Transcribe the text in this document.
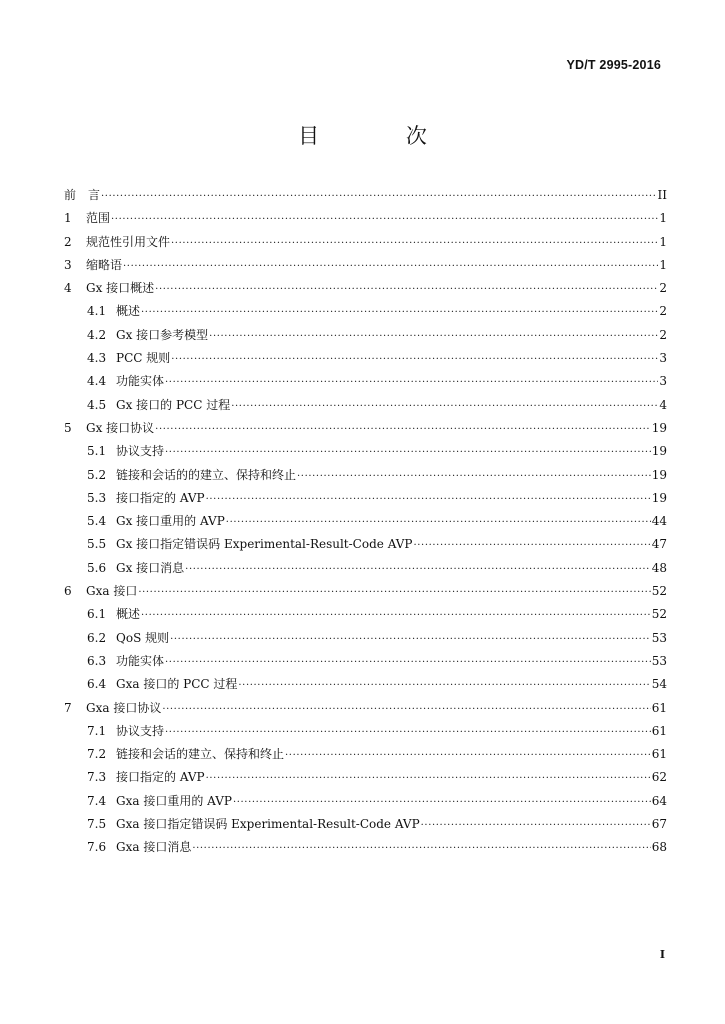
YD/T 2995-2016
目 次
前　言 ·····	II
1	范围 ·····	1
2	规范性引用文件 ·····	1
3	缩略语 ·····	1
4	Gx 接口概述 ·····	2
4.1 概述 ·····	2
4.2 Gx 接口参考模型 ·····	2
4.3 PCC 规则 ·····	3
4.4 功能实体 ·····	3
4.5 Gx 接口的 PCC 过程 ·····	4
5	Gx 接口协议 ·····	19
5.1 协议支持 ·····	19
5.2 链接和会话的的建立、保持和终止 ·····	19
5.3 接口指定的 AVP ·····	19
5.4 Gx 接口重用的 AVP ·····	44
5.5 Gx 接口指定错误码 Experimental-Result-Code AVP ·····	47
5.6 Gx 接口消息 ·····	48
6	Gxa 接口 ·····	52
6.1 概述 ·····	52
6.2 QoS 规则 ·····	53
6.3 功能实体 ·····	53
6.4 Gxa 接口的 PCC 过程 ·····	54
7	Gxa 接口协议 ·····	61
7.1 协议支持 ·····	61
7.2 链接和会话的建立、保持和终止 ·····	61
7.3 接口指定的 AVP ·····	62
7.4 Gxa 接口重用的 AVP ·····	64
7.5 Gxa 接口指定错误码 Experimental-Result-Code AVP ·····	67
7.6 Gxa 接口消息 ·····	68
I
